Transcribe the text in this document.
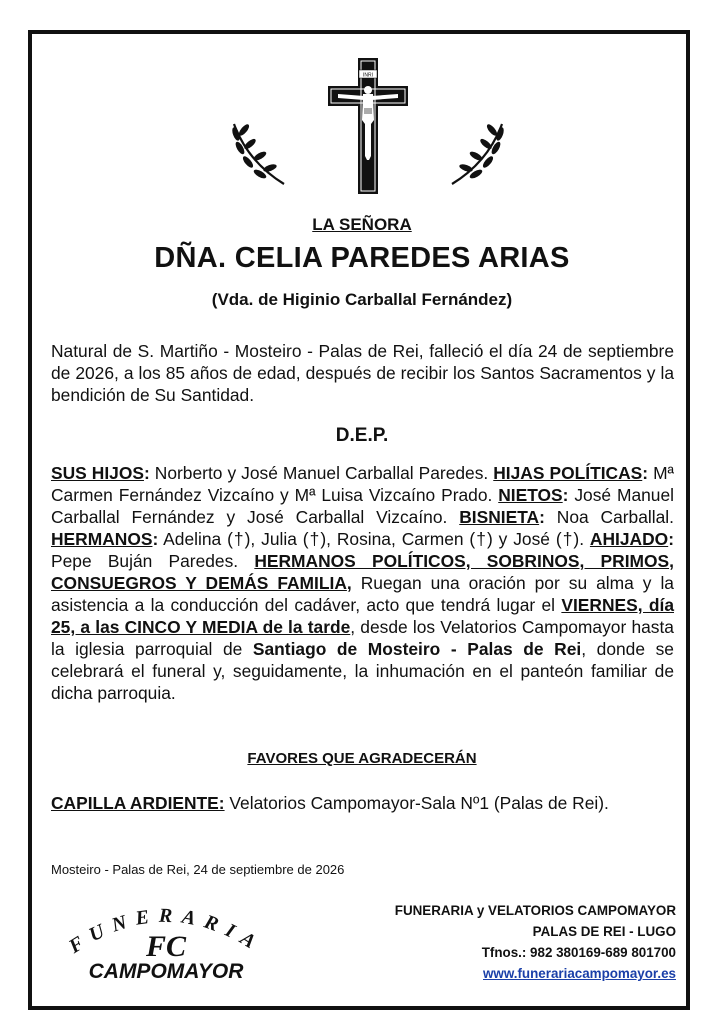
INRI
LA SEÑORA
DÑA. CELIA PAREDES ARIAS
(Vda. de Higinio Carballal Fernández)
Natural de S. Martiño - Mosteiro - Palas de Rei, falleció el día 24 de septiembre de 2026, a los 85 años de edad, después de recibir los Santos Sacramentos y la bendición de Su Santidad.
D.E.P.
SUS HIJOS: Norberto y José Manuel Carballal Paredes. HIJAS POLÍTICAS: Mª Carmen Fernández Vizcaíno y Mª Luisa Vizcaíno Prado. NIETOS: José Manuel Carballal Fernández y José Carballal Vizcaíno. BISNIETA: Noa Carballal. HERMANOS: Adelina (†), Julia (†), Rosina, Carmen (†) y José (†). AHIJADO: Pepe Buján Paredes. HERMANOS POLÍTICOS, SOBRINOS, PRIMOS, CONSUEGROS Y DEMÁS FAMILIA, Ruegan una oración por su alma y la asistencia a la conducción del cadáver, acto que tendrá lugar el VIERNES, día 25, a las CINCO Y MEDIA de la tarde, desde los Velatorios Campomayor hasta la iglesia parroquial de Santiago de Mosteiro - Palas de Rei, donde se celebrará el funeral y, seguidamente, la inhumación en el panteón familiar de dicha parroquia.
FAVORES QUE AGRADECERÁN
CAPILLA ARDIENTE: Velatorios Campomayor-Sala Nº1 (Palas de Rei).
Mosteiro - Palas de Rei, 24 de septiembre de 2026
FUNERARIA
FC
CAMPOMAYOR
FUNERARIA y VELATORIOS CAMPOMAYOR
PALAS DE REI - LUGO
Tfnos.: 982 380169-689 801700
www.funerariacampomayor.es
